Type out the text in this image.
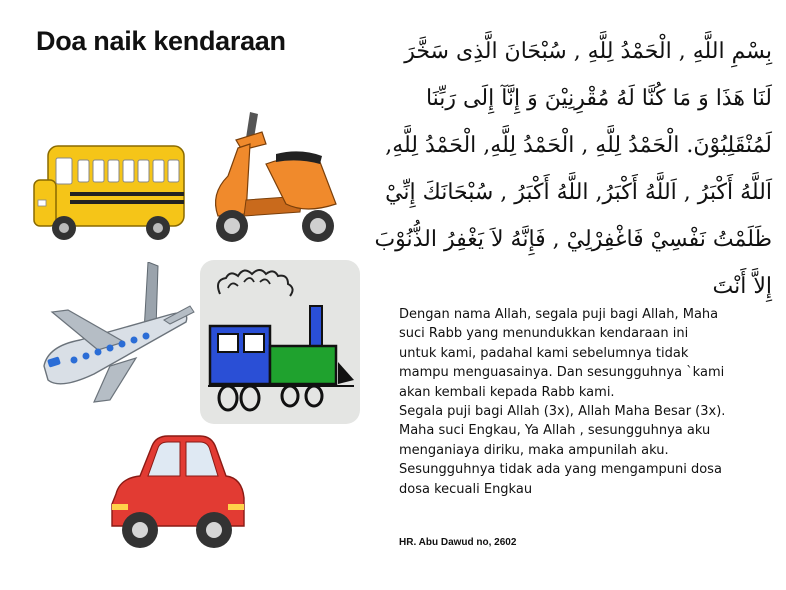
Doa naik kendaraan	بِسْمِ اللَّهِ , الْحَمْدُ لِلَّهِ , سُبْحَانَ الَّذِى سَخَّرَ
لَنَا هَذَا وَ مَا كُنَّا لَهُ مُقْرِنِيْنَ وَ إِنَّآ إِلَى رَبِّنَا
لَمُنْقَلِبُوْنَ. الْحَمْدُ لِلَّهِ , الْحَمْدُ لِلَّهِ, الْحَمْدُ لِلَّهِ,
اَللَّهُ أَكْبَرُ , اَللَّهُ أَكْبَرُ, اللَّهُ أَكْبَرُ , سُبْحَانَكَ إِنِّيْ
ظَلَمْتُ نَفْسِيْ فَاغْفِرْلِيْ , فَإِنَّهُ لاَ يَغْفِرُ الذُّنُوْبَ
إِلاَّ أَنْتَ
Dengan nama Allah, segala puji bagi Allah, Maha
suci Rabb yang menundukkan kendaraan ini
untuk kami, padahal kami sebelumnya tidak
mampu menguasainya. Dan sesungguhnya `kami
akan kembali kepada Rabb kami.
Segala puji bagi Allah (3x), Allah Maha Besar (3x).
Maha suci Engkau, Ya Allah , sesungguhnya aku
menganiaya diriku, maka ampunilah aku.
Sesungguhnya tidak ada yang mengampuni dosa
dosa kecuali Engkau
HR. Abu Dawud no, 2602
